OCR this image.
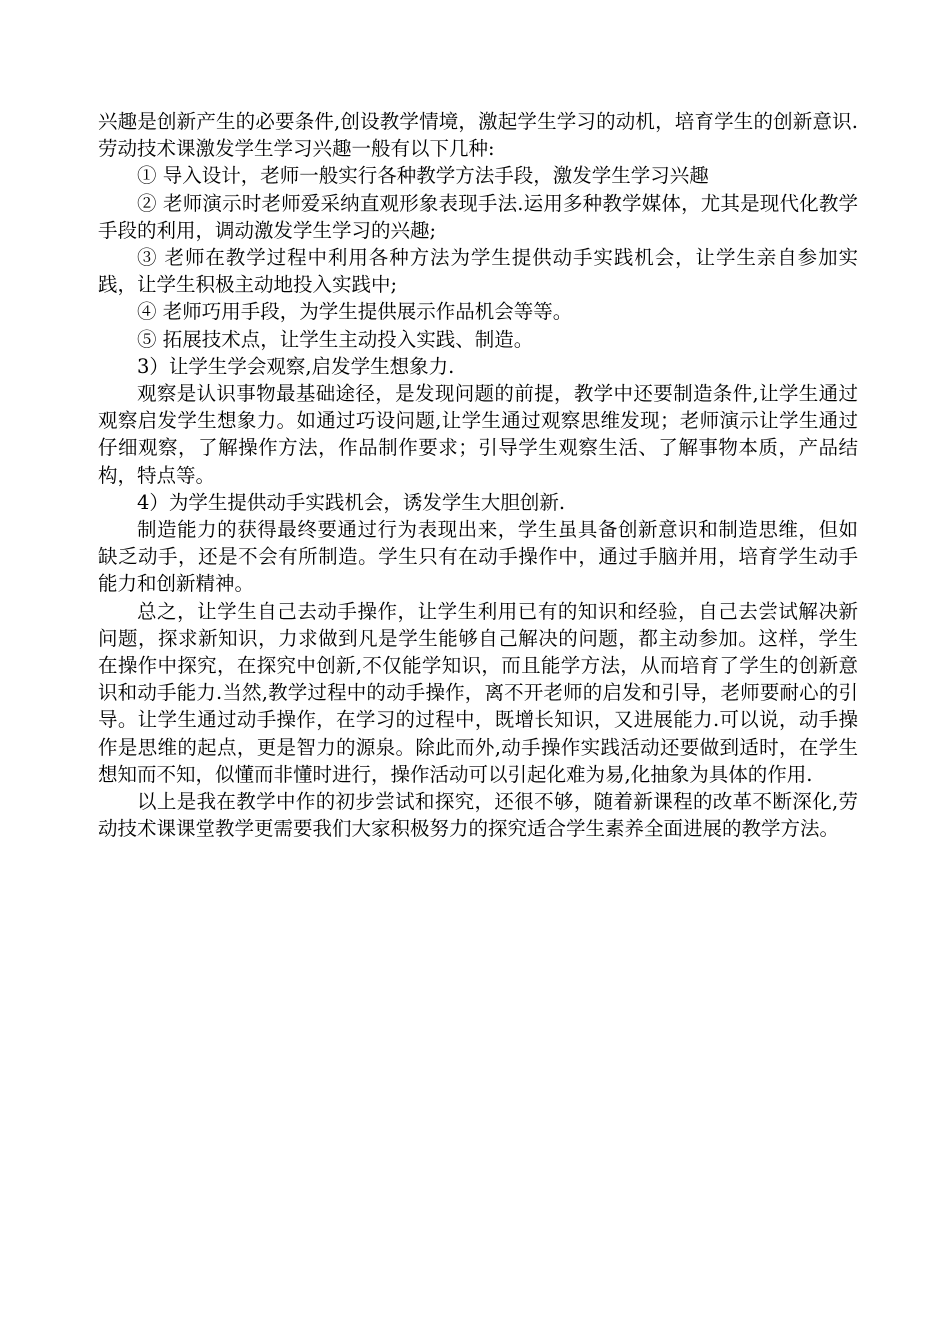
兴趣是创新产生的必要条件,创设教学情境，激起学生学习的动机，培育学生的创新意识.劳动技术课激发学生学习兴趣一般有以下几种:

① 导入设计，老师一般实行各种教学方法手段，激发学生学习兴趣

② 老师演示时老师爱采纳直观形象表现手法.运用多种教学媒体，尤其是现代化教学手段的利用，调动激发学生学习的兴趣;

③ 老师在教学过程中利用各种方法为学生提供动手实践机会，让学生亲自参加实践，让学生积极主动地投入实践中;

④ 老师巧用手段，为学生提供展示作品机会等等。

⑤ 拓展技术点，让学生主动投入实践、制造。

3）让学生学会观察,启发学生想象力.

观察是认识事物最基础途径，是发现问题的前提，教学中还要制造条件,让学生通过观察启发学生想象力。如通过巧设问题,让学生通过观察思维发现；老师演示让学生通过仔细观察，了解操作方法，作品制作要求；引导学生观察生活、了解事物本质，产品结构，特点等。

4）为学生提供动手实践机会，诱发学生大胆创新.

制造能力的获得最终要通过行为表现出来，学生虽具备创新意识和制造思维，但如缺乏动手，还是不会有所制造。学生只有在动手操作中，通过手脑并用，培育学生动手能力和创新精神。

总之，让学生自己去动手操作，让学生利用已有的知识和经验，自己去尝试解决新问题，探求新知识，力求做到凡是学生能够自己解决的问题，都主动参加。这样，学生在操作中探究，在探究中创新,不仅能学知识，而且能学方法，从而培育了学生的创新意识和动手能力.当然,教学过程中的动手操作，离不开老师的启发和引导，老师要耐心的引导。让学生通过动手操作，在学习的过程中，既增长知识，又进展能力.可以说，动手操作是思维的起点，更是智力的源泉。除此而外,动手操作实践活动还要做到适时，在学生想知而不知，似懂而非懂时进行，操作活动可以引起化难为易,化抽象为具体的作用.

以上是我在教学中作的初步尝试和探究，还很不够，随着新课程的改革不断深化,劳动技术课课堂教学更需要我们大家积极努力的探究适合学生素养全面进展的教学方法。
